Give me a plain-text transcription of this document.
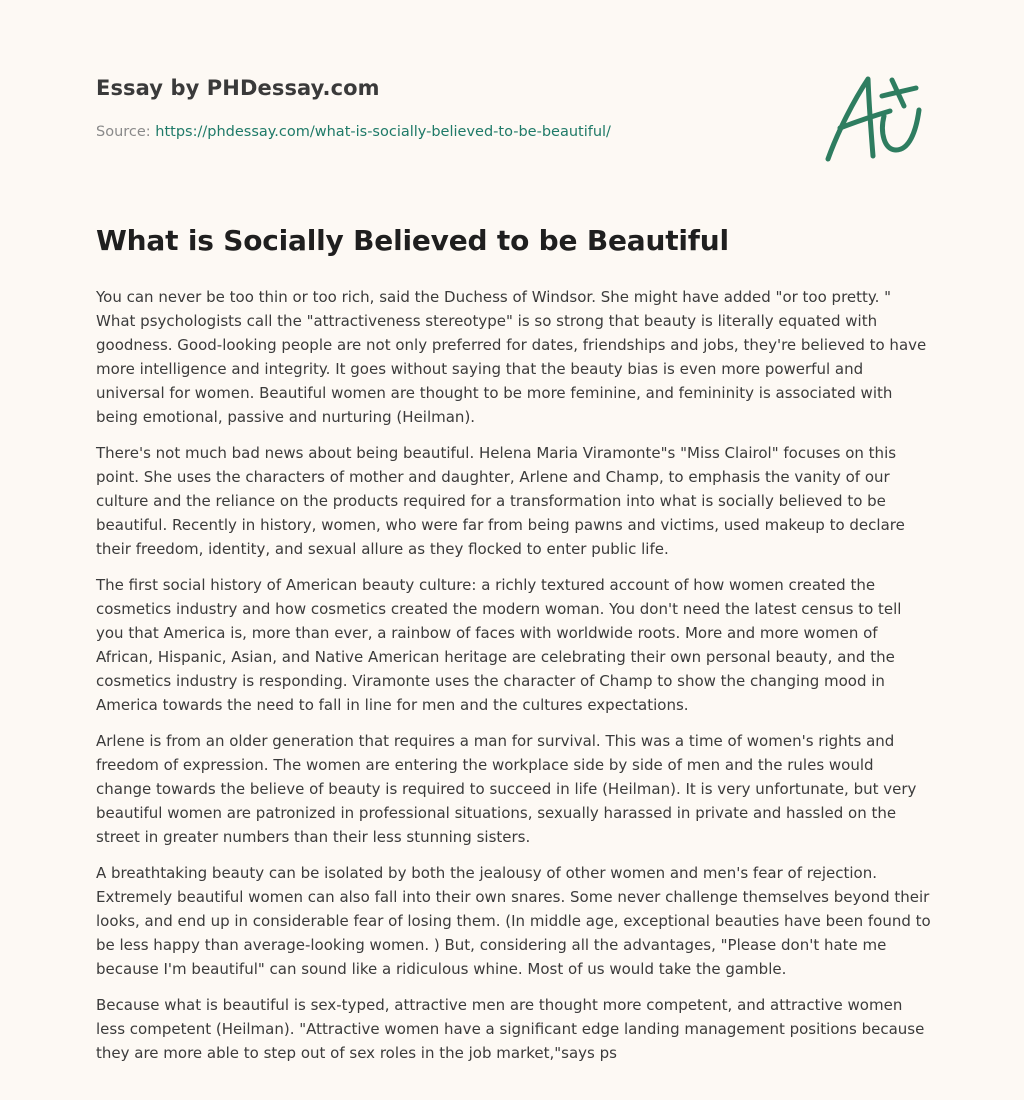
Essay by PHDessay.com
Source: https://phdessay.com/what-is-socially-believed-to-be-beautiful/
What is Socially Believed to be Beautiful

You can never be too thin or too rich, said the Duchess of Windsor. She might have added "or too pretty. " What psychologists call the "attractiveness stereotype" is so strong that beauty is literally equated with goodness. Good-looking people are not only preferred for dates, friendships and jobs, they're believed to have more intelligence and integrity. It goes without saying that the beauty bias is even more powerful and universal for women. Beautiful women are thought to be more feminine, and femininity is associated with being emotional, passive and nurturing (Heilman).

There's not much bad news about being beautiful. Helena Maria Viramonte"s "Miss Clairol" focuses on this point. She uses the characters of mother and daughter, Arlene and Champ, to emphasis the vanity of our culture and the reliance on the products required for a transformation into what is socially believed to be beautiful. Recently in history, women, who were far from being pawns and victims, used makeup to declare their freedom, identity, and sexual allure as they flocked to enter public life.

The first social history of American beauty culture: a richly textured account of how women created the cosmetics industry and how cosmetics created the modern woman. You don't need the latest census to tell you that America is, more than ever, a rainbow of faces with worldwide roots. More and more women of African, Hispanic, Asian, and Native American heritage are celebrating their own personal beauty, and the cosmetics industry is responding. Viramonte uses the character of Champ to show the changing mood in America towards the need to fall in line for men and the cultures expectations.

Arlene is from an older generation that requires a man for survival. This was a time of women's rights and freedom of expression. The women are entering the workplace side by side of men and the rules would change towards the believe of beauty is required to succeed in life (Heilman). It is very unfortunate, but very beautiful women are patronized in professional situations, sexually harassed in private and hassled on the street in greater numbers than their less stunning sisters.

A breathtaking beauty can be isolated by both the jealousy of other women and men's fear of rejection. Extremely beautiful women can also fall into their own snares. Some never challenge themselves beyond their looks, and end up in considerable fear of losing them. (In middle age, exceptional beauties have been found to be less happy than average-looking women. ) But, considering all the advantages, "Please don't hate me because I'm beautiful" can sound like a ridiculous whine. Most of us would take the gamble.

Because what is beautiful is sex-typed, attractive men are thought more competent, and attractive women less competent (Heilman). "Attractive women have a significant edge landing management positions because they are more able to step out of sex roles in the job market,"says ps
